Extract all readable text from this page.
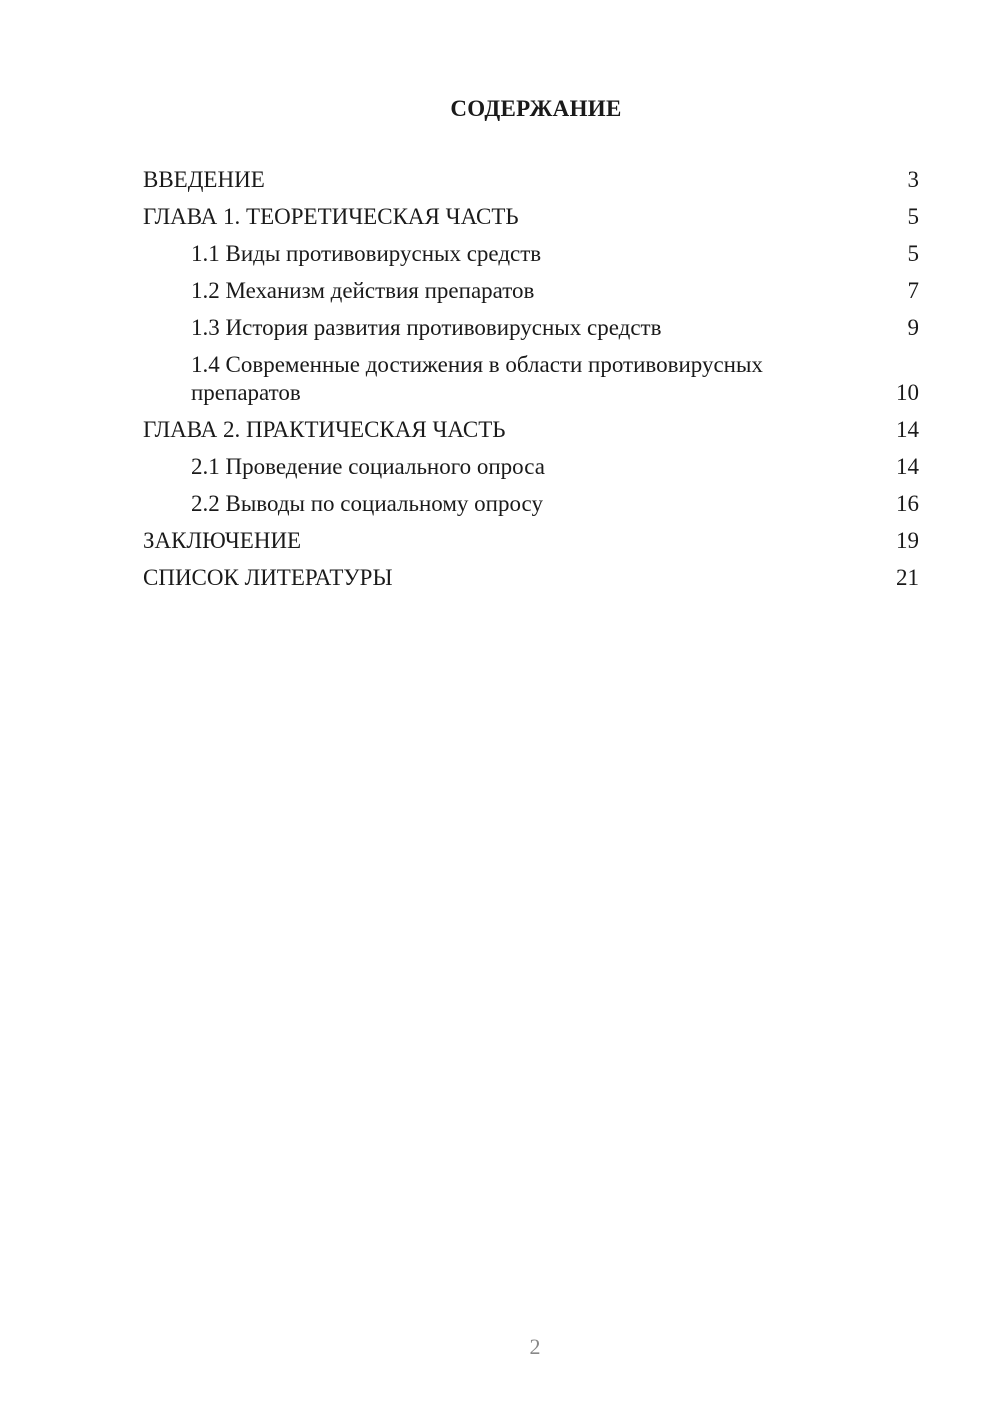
СОДЕРЖАНИЕ
ВВЕДЕНИЕ	3
ГЛАВА 1. ТЕОРЕТИЧЕСКАЯ ЧАСТЬ	5
1.1 Виды противовирусных средств	5
1.2 Механизм действия препаратов	7
1.3 История развития противовирусных средств	9
1.4 Современные достижения в области противовирусных препаратов	10
ГЛАВА 2. ПРАКТИЧЕСКАЯ ЧАСТЬ	14
2.1 Проведение социального опроса	14
2.2 Выводы по социальному опросу	16
ЗАКЛЮЧЕНИЕ	19
СПИСОК ЛИТЕРАТУРЫ	21
2
